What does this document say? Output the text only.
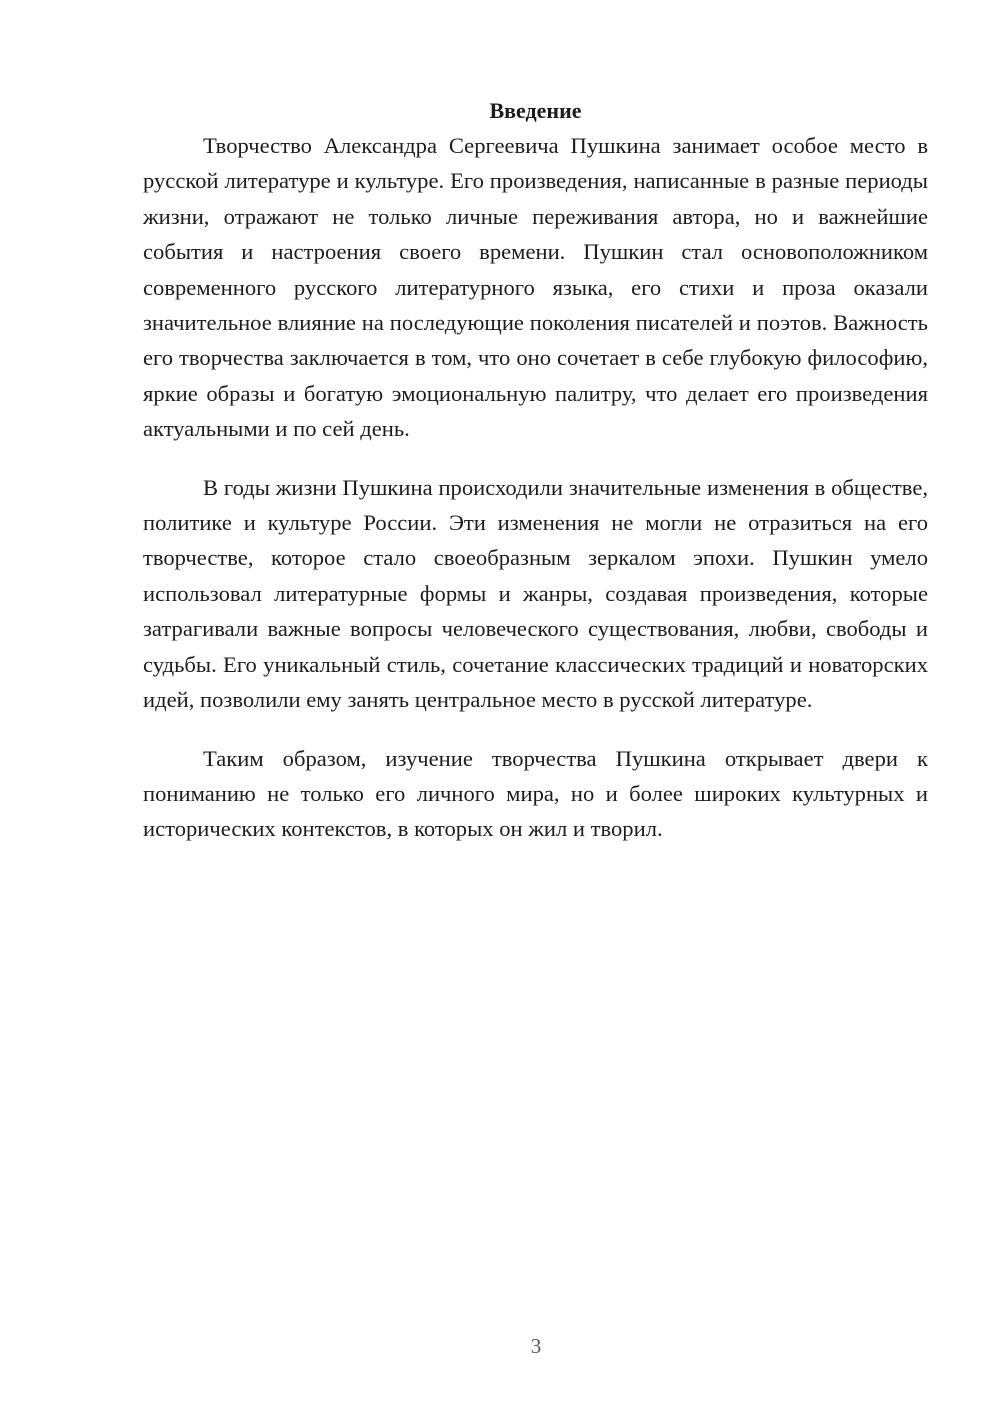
Введение

Творчество Александра Сергеевича Пушкина занимает особое место в русской литературе и культуре. Его произведения, написанные в разные периоды жизни, отражают не только личные переживания автора, но и важнейшие события и настроения своего времени. Пушкин стал основоположником современного русского литературного языка, его стихи и проза оказали значительное влияние на последующие поколения писателей и поэтов. Важность его творчества заключается в том, что оно сочетает в себе глубокую философию, яркие образы и богатую эмоциональную палитру, что делает его произведения актуальными и по сей день.

В годы жизни Пушкина происходили значительные изменения в обществе, политике и культуре России. Эти изменения не могли не отразиться на его творчестве, которое стало своеобразным зеркалом эпохи. Пушкин умело использовал литературные формы и жанры, создавая произведения, которые затрагивали важные вопросы человеческого существования, любви, свободы и судьбы. Его уникальный стиль, сочетание классических традиций и новаторских идей, позволили ему занять центральное место в русской литературе.

Таким образом, изучение творчества Пушкина открывает двери к пониманию не только его личного мира, но и более широких культурных и исторических контекстов, в которых он жил и творил.

3
